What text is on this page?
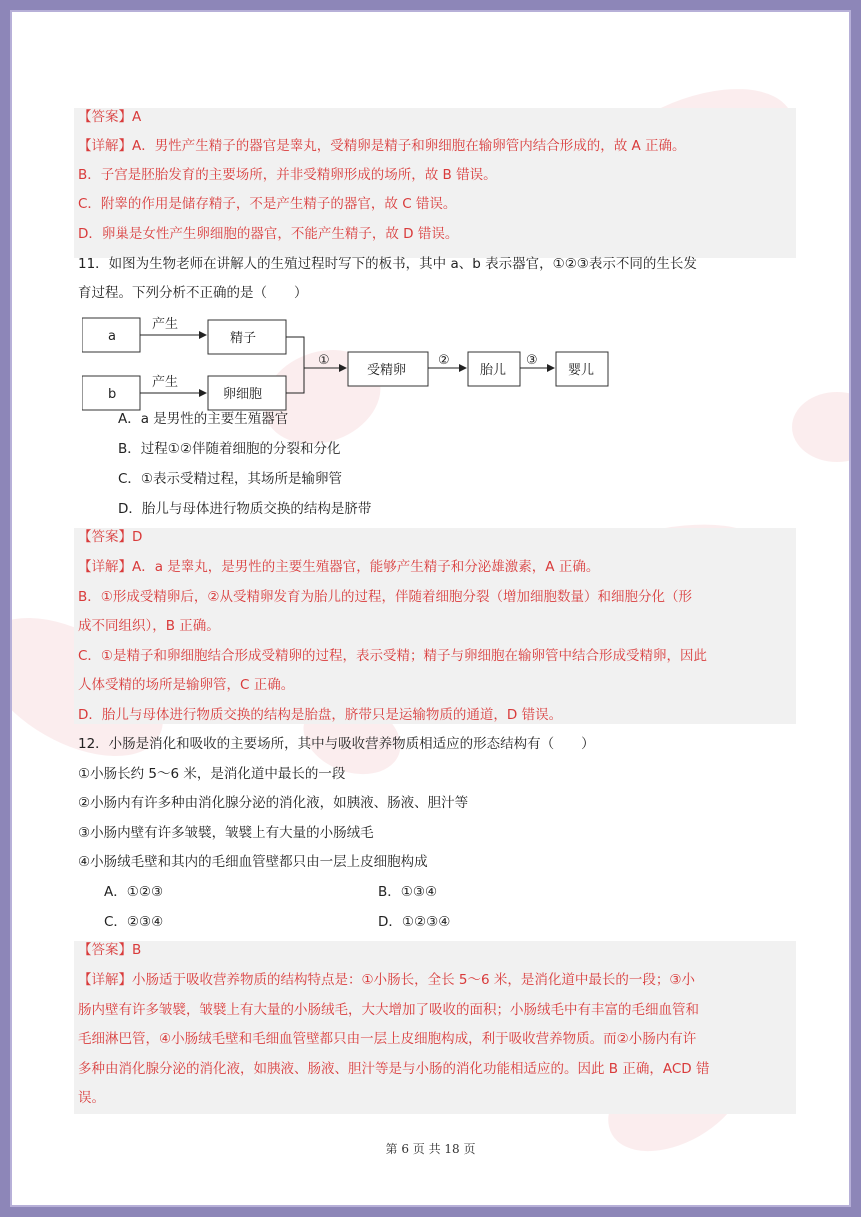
【答案】A
【详解】A．男性产生精子的器官是睾丸，受精卵是精子和卵细胞在输卵管内结合形成的，故 A 正确。
B．子宫是胚胎发育的主要场所，并非受精卵形成的场所，故 B 错误。
C．附睾的作用是储存精子，不是产生精子的器官，故 C 错误。
D．卵巢是女性产生卵细胞的器官，不能产生精子，故 D 错误。
11．如图为生物老师在讲解人的生殖过程时写下的板书，其中 a、b 表示器官，①②③表示不同的生长发
育过程。下列分析不正确的是（　　）
a
b
产生
产生
精子
卵细胞
①
受精卵
②
胎儿
③
婴儿
A．a 是男性的主要生殖器官
B．过程①②伴随着细胞的分裂和分化
C．①表示受精过程，其场所是输卵管
D．胎儿与母体进行物质交换的结构是脐带
【答案】D
【详解】A．a 是睾丸，是男性的主要生殖器官，能够产生精子和分泌雄激素，A 正确。
B．①形成受精卵后，②从受精卵发育为胎儿的过程，伴随着细胞分裂（增加细胞数量）和细胞分化（形
成不同组织），B 正确。
C．①是精子和卵细胞结合形成受精卵的过程，表示受精；精子与卵细胞在输卵管中结合形成受精卵，因此
人体受精的场所是输卵管，C 正确。
D．胎儿与母体进行物质交换的结构是胎盘，脐带只是运输物质的通道，D 错误。
12．小肠是消化和吸收的主要场所，其中与吸收营养物质相适应的形态结构有（　　）
①小肠长约 5～6 米，是消化道中最长的一段
②小肠内有许多种由消化腺分泌的消化液，如胰液、肠液、胆汁等
③小肠内壁有许多皱襞，皱襞上有大量的小肠绒毛
④小肠绒毛壁和其内的毛细血管壁都只由一层上皮细胞构成
A．①②③	B．①③④
C．②③④	D．①②③④
【答案】B
【详解】小肠适于吸收营养物质的结构特点是：①小肠长，全长 5～6 米，是消化道中最长的一段；③小
肠内壁有许多皱襞，皱襞上有大量的小肠绒毛，大大增加了吸收的面积；小肠绒毛中有丰富的毛细血管和
毛细淋巴管，④小肠绒毛壁和毛细血管壁都只由一层上皮细胞构成，利于吸收营养物质。而②小肠内有许
多种由消化腺分泌的消化液，如胰液、肠液、胆汁等是与小肠的消化功能相适应的。因此 B 正确，ACD 错
误。
第 6 页 共 18 页
